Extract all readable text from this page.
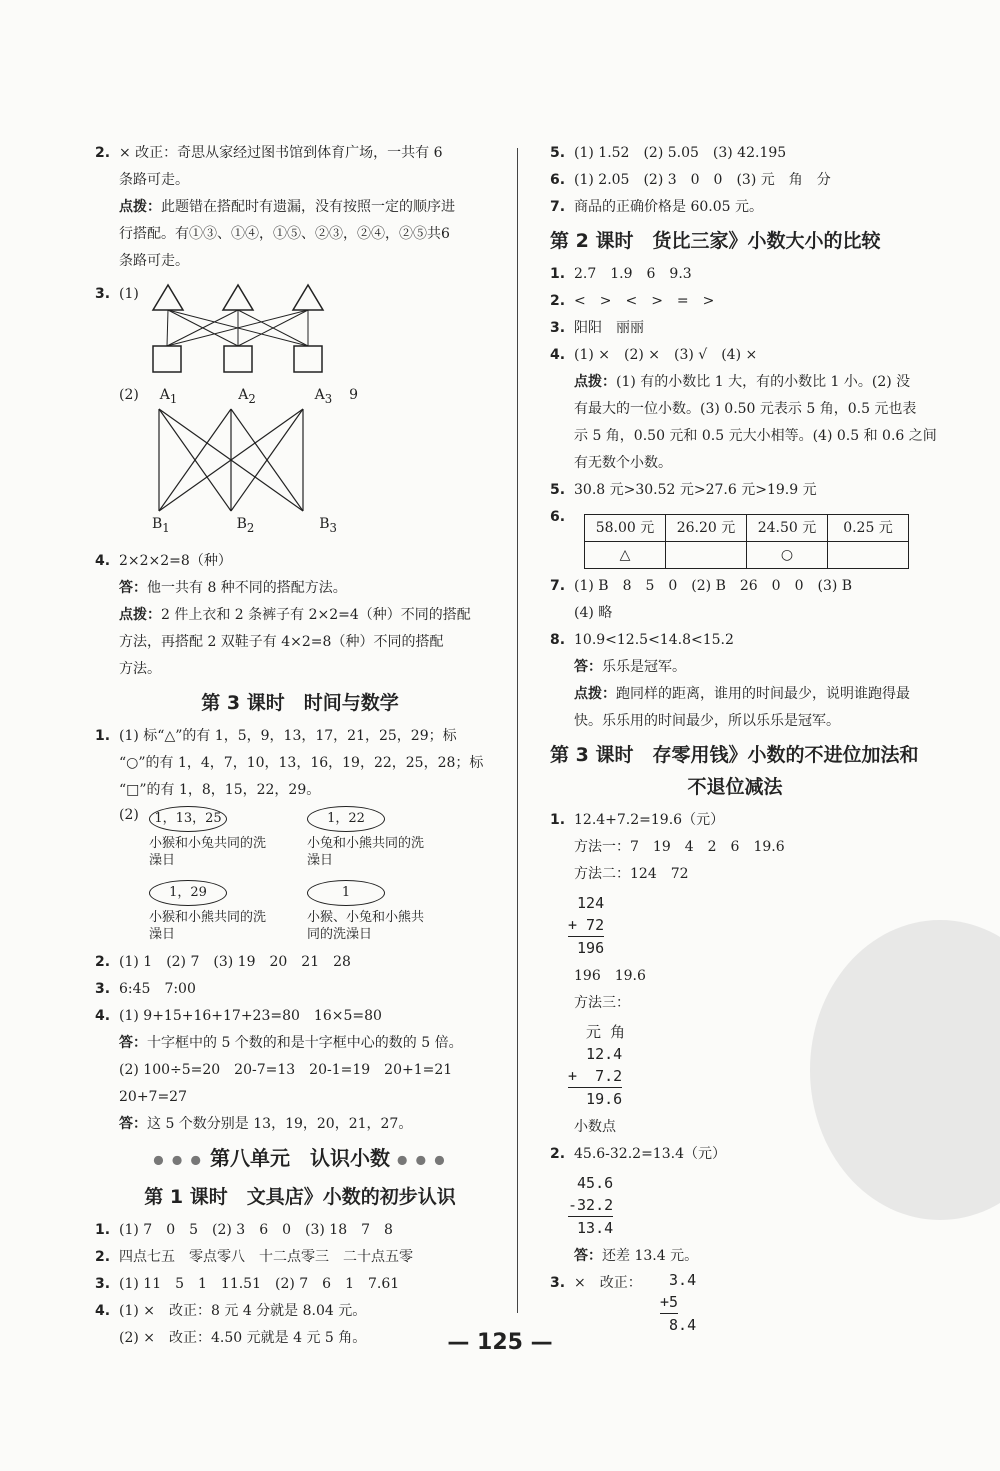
2. × 改正：奇思从家经过图书馆到体育广场，一共有 6
条路可走。
点拨：此题错在搭配时有遗漏，没有按照一定的顺序进
行搭配。有①③、①④，①⑤、②③，②④，②⑤共6
条路可走。
3. (1)
(2) $A_1$	$A_2$	$A_3$ 9
$B_1$	$B_2$	$B_3$
4. 2×2×2=8（种）
答：他一共有 8 种不同的搭配方法。
点拨：2 件上衣和 2 条裤子有 2×2=4（种）不同的搭配
方法，再搭配 2 双鞋子有 4×2=8（种）不同的搭配
方法。
第 3 课时　时间与数学
1. (1) 标“△”的有 1，5，9，13，17，21，25，29；标
“○”的有 1，4，7，10，13，16，19，22，25，28；标
“□”的有 1，8，15，22，29。
(2)	1，13，25
小猴和小兔共同的洗澡日
1，22
小兔和小熊共同的洗澡日
1，29
小猴和小熊共同的洗澡日
1
小猴、小兔和小熊共同的洗澡日
2. (1) 1　(2) 7　(3) 19　20　21　28
3. 6:45　7:00
4. (1) 9+15+16+17+23=80　16×5=80
答：十字框中的 5 个数的和是十字框中心的数的 5 倍。
(2) 100÷5=20　20-7=13　20-1=19　20+1=21
20+7=27
答：这 5 个数分别是 13，19，20，21，27。
● ● ● 第八单元　认识小数 ● ● ●
第 1 课时　文具店》小数的初步认识
1. (1) 7　0　5　(2) 3　6　0　(3) 18　7　8
2. 四点七五　零点零八　十二点零三　二十点五零
3. (1) 11　5　1　11.51　(2) 7　6　1　7.61
4. (1) ×　改正：8 元 4 分就是 8.04 元。
(2) ×　改正：4.50 元就是 4 元 5 角。
5. (1) 1.52　(2) 5.05　(3) 42.195
6. (1) 2.05　(2) 3　0　0　(3) 元　角　分
7. 商品的正确价格是 60.05 元。
第 2 课时　货比三家》小数大小的比较
1. 2.7　1.9　6　9.3
2. <　>　<　>　=　>
3. 阳阳　丽丽
4. (1) ×　(2) ×　(3) √　(4) ×
点拨：(1) 有的小数比 1 大，有的小数比 1 小。(2) 没
有最大的一位小数。(3) 0.50 元表示 5 角，0.5 元也表
示 5 角，0.50 元和 0.5 元大小相等。(4) 0.5 和 0.6 之间
有无数个小数。
5. 30.8 元>30.52 元>27.6 元>19.9 元
6.
58.00 元	26.20 元	24.50 元	0.25 元
△		○	
7. (1) B　8　5　0　(2) B　26　0　0　(3) B
(4) 略
8. 10.9<12.5<14.8<15.2
答：乐乐是冠军。
点拨：跑同样的距离，谁用的时间最少，说明谁跑得最
快。乐乐用的时间最少，所以乐乐是冠军。
第 3 课时　存零用钱》小数的不进位加法和
不退位减法
1. 12.4+7.2=19.6（元）
方法一：7　19　4　2　6　19.6
方法二：124　72
124
+ 72
196
196　19.6
方法三：
元 角
12.4
+  7.2
19.6
小数点
2. 45.6-32.2=13.4（元）
45.6
-32.2
13.4
答：还差 13.4 元。
3. ×　改正： 3.4
+5
8.4
— 125 —
